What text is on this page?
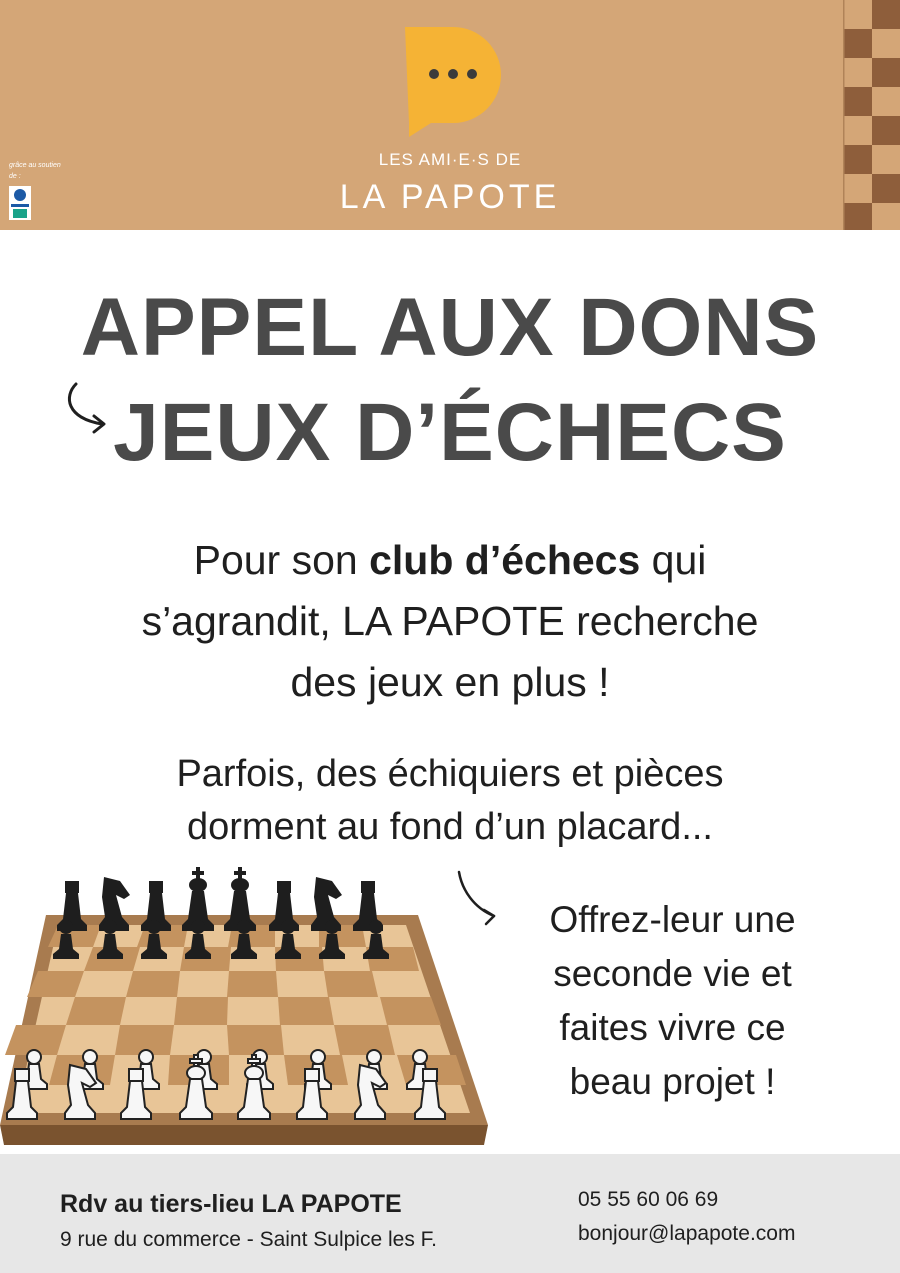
LES AMI·E·S DE
LA PAPOTE
grâce au soutien de :
APPEL AUX DONS
JEUX D’ÉCHECS
Pour son club d’échecs qui
s’agrandit, LA PAPOTE recherche
des jeux en plus !
Parfois, des échiquiers et pièces
dorment au fond d’un placard...
Offrez-leur une
seconde vie et
faites vivre ce
beau projet !
Rdv au tiers-lieu LA PAPOTE
9 rue du commerce - Saint Sulpice les F.
05 55 60 06 69
bonjour@lapapote.com
